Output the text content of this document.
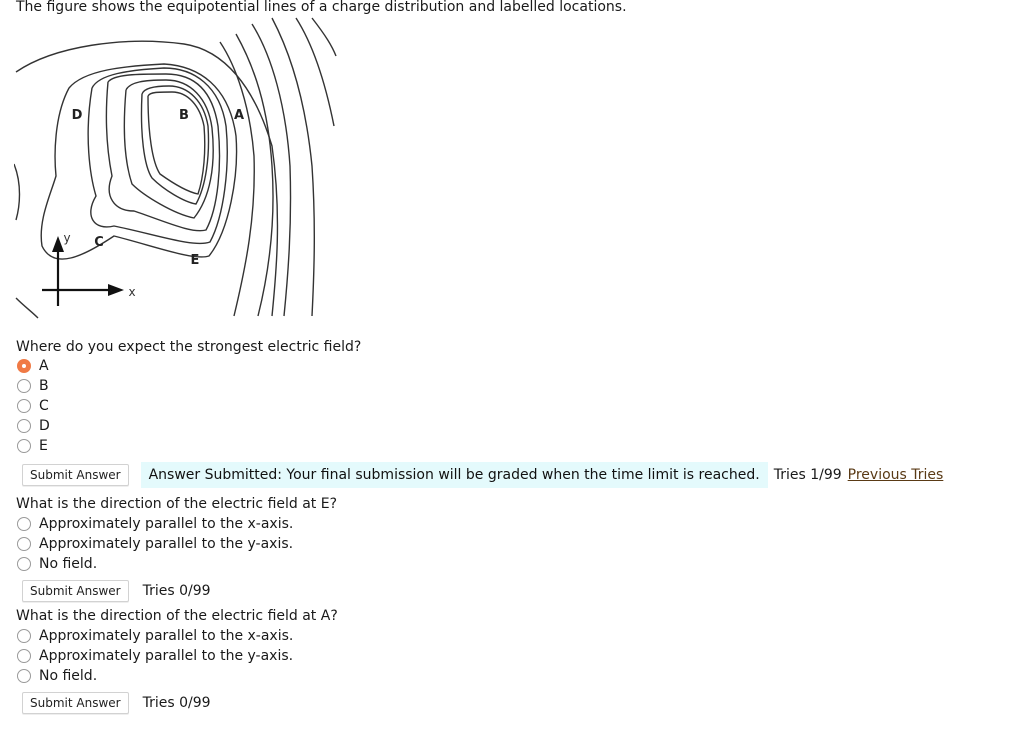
The figure shows the equipotential lines of a charge distribution and labelled locations.
D	B	A
C
E
y
x
Where do you expect the strongest electric field?
A
B
C
D
E
Submit Answer	Answer Submitted: Your final submission will be graded when the time limit is reached. Tries 1/99 Previous Tries
What is the direction of the electric field at E?
Approximately parallel to the x-axis.
Approximately parallel to the y-axis.
No field.
Submit Answer	Tries 0/99
What is the direction of the electric field at A?
Approximately parallel to the x-axis.
Approximately parallel to the y-axis.
No field.
Submit Answer	Tries 0/99
